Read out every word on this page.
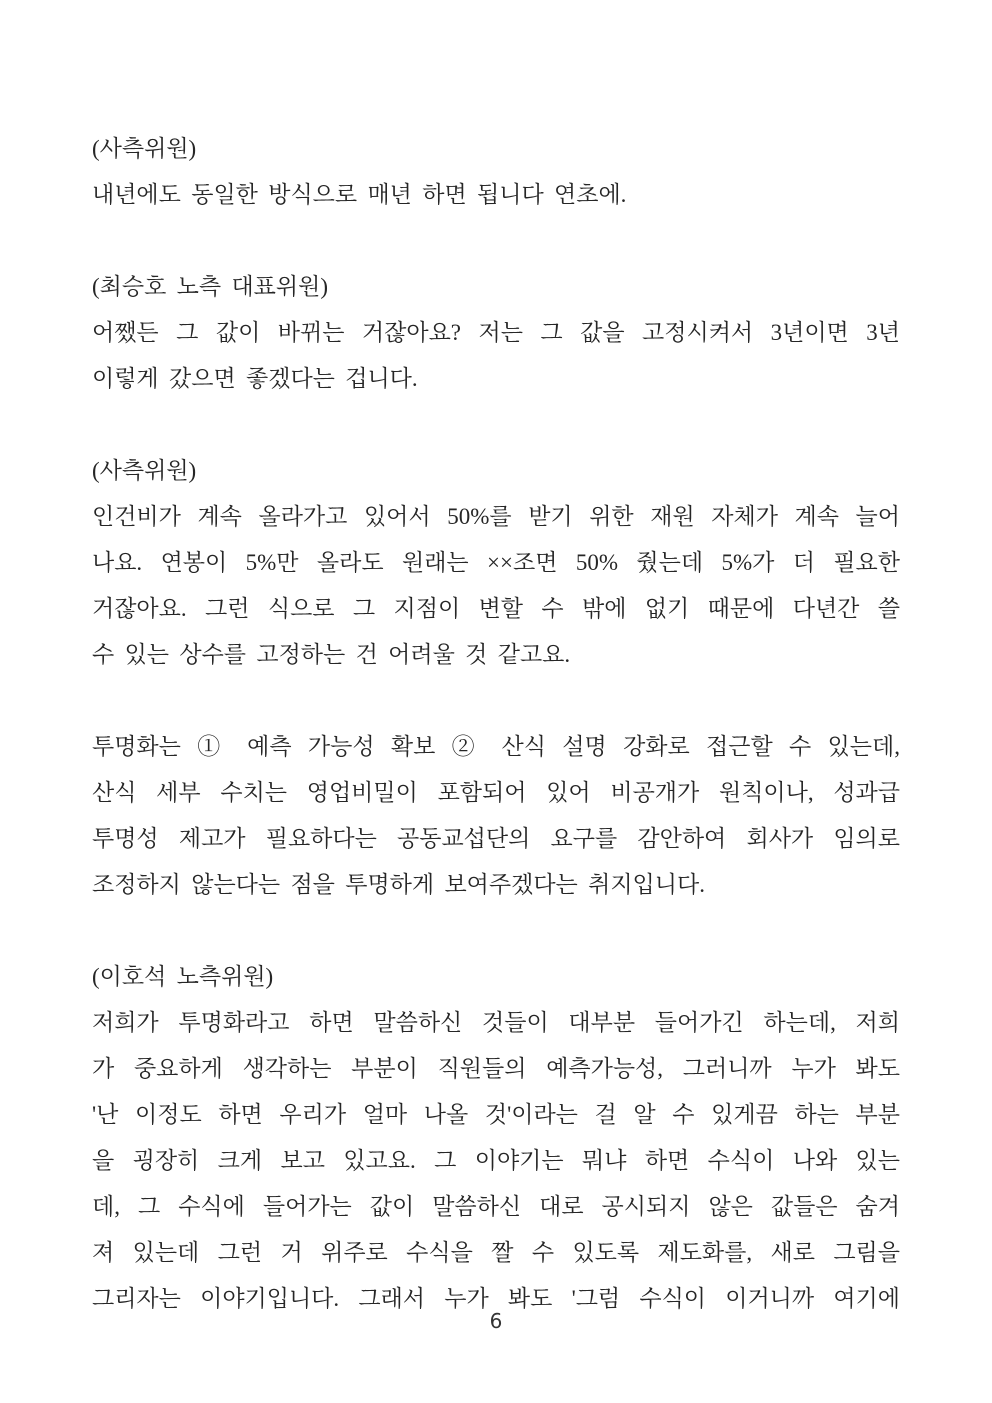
(사측위원)

내년에도 동일한 방식으로 매년 하면 됩니다 연초에.

(최승호 노측 대표위원)

어쨌든 그 값이 바뀌는 거잖아요? 저는 그 값을 고정시켜서 3년이면 3년

이렇게 갔으면 좋겠다는 겁니다.

(사측위원)

인건비가 계속 올라가고 있어서 50%를 받기 위한 재원 자체가 계속 늘어

나요. 연봉이 5%만 올라도 원래는 ××조면 50% 줬는데 5%가 더 필요한

거잖아요. 그런 식으로 그 지점이 변할 수 밖에 없기 때문에 다년간 쓸

수 있는 상수를 고정하는 건 어려울 것 같고요.

투명화는 ① 예측 가능성 확보 ② 산식 설명 강화로 접근할 수 있는데,

산식 세부 수치는 영업비밀이 포함되어 있어 비공개가 원칙이나, 성과급

투명성 제고가 필요하다는 공동교섭단의 요구를 감안하여 회사가 임의로

조정하지 않는다는 점을 투명하게 보여주겠다는 취지입니다.

(이호석 노측위원)

저희가 투명화라고 하면 말씀하신 것들이 대부분 들어가긴 하는데, 저희

가 중요하게 생각하는 부분이 직원들의 예측가능성, 그러니까 누가 봐도

'난 이정도 하면 우리가 얼마 나올 것'이라는 걸 알 수 있게끔 하는 부분

을 굉장히 크게 보고 있고요. 그 이야기는 뭐냐 하면 수식이 나와 있는

데, 그 수식에 들어가는 값이 말씀하신 대로 공시되지 않은 값들은 숨겨

져 있는데 그런 거 위주로 수식을 짤 수 있도록 제도화를, 새로 그림을

그리자는 이야기입니다. 그래서 누가 봐도 '그럼 수식이 이거니까 여기에

6
